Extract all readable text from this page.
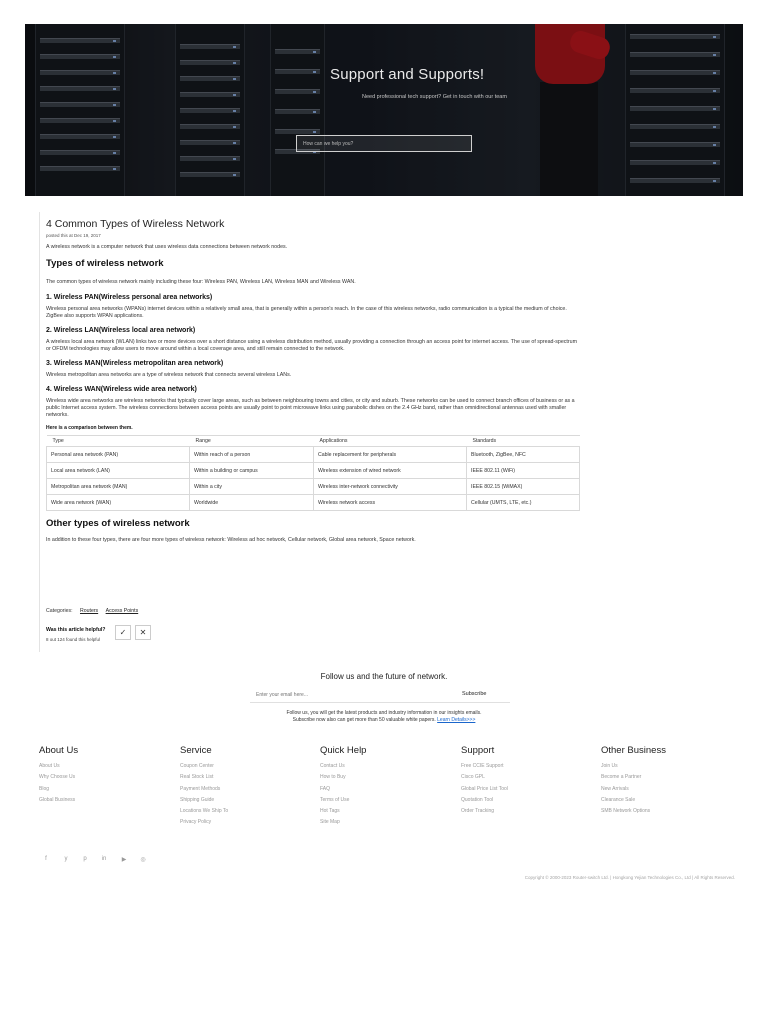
Support and Supports!
Need professional tech support? Get in touch with our team
How can we help you?
4 Common Types of Wireless Network
posted this at Dec 19, 2017
A wireless network is a computer network that uses wireless data connections between network nodes.
Types of wireless network
The common types of wireless network mainly including these four: Wireless PAN, Wireless LAN, Wireless MAN and Wireless WAN.
1. Wireless PAN(Wireless personal area networks)
Wireless personal area networks (WPANs) internet devices within a relatively small area, that is generally within a person's reach. In the case of this wireless networks, radio communication is a typical the medium of choice. ZigBee also supports WPAN applications.
2. Wireless LAN(Wireless local area network)
A wireless local area network (WLAN) links two or more devices over a short distance using a wireless distribution method, usually providing a connection through an access point for internet access. The use of spread-spectrum or OFDM technologies may allow users to move around within a local coverage area, and still remain connected to the network.
3. Wireless MAN(Wireless metropolitan area network)
Wireless metropolitan area networks are a type of wireless network that connects several wireless LANs.
4. Wireless WAN(Wireless wide area network)
Wireless wide area networks are wireless networks that typically cover large areas, such as between neighbouring towns and cities, or city and suburb. These networks can be used to connect branch offices of business or as a public Internet access system. The wireless connections between access points are usually point to point microwave links using parabolic dishes on the 2.4 GHz band, rather than omnidirectional antennas used with smaller networks.
Here is a comparison between them.
Type	Range	Applications	Standards
Personal area network (PAN)	Within reach of a person	Cable replacement for peripherals	Bluetooth, ZigBee, NFC
Local area network (LAN)	Within a building or campus	Wireless extension of wired network	IEEE 802.11 (WiFi)
Metropolitan area network (MAN)	Within a city	Wireless inter-network connectivity	IEEE 802.15 (WiMAX)
Wide area network (WAN)	Worldwide	Wireless network access	Cellular (UMTS, LTE, etc.)
Other types of wireless network
In addition to these four types, there are four more types of wireless network: Wireless ad hoc network, Cellular network, Global area network, Space network.
Categories: Routers Access Points
Was this article helpful?
8 out 124 found this helpful
✓	✕
Follow us and the future of network.
Enter your email here...
Subscribe
Follow us, you will get the latest products and industry information in our insights emails.
Subscribe now also can get more than 50 valuable white papers. Learn Details>>>
About Us
About Us
Why Choose Us
Blog
Global Business
Service
Coupon Center
Real Stock List
Payment Methods
Shipping Guide
Locations We Ship To
Privacy Policy
Quick Help
Contact Us
How to Buy
FAQ
Terms of Use
Hot Tags
Site Map
Support
Free CCIE Support
Cisco GPL
Global Price List Tool
Quotation Tool
Order Tracking
Other Business
Join Us
Become a Partner
New Arrivals
Clearance Sale
SMB Network Options
f	y	p	in	▶	◎
Copyright © 2000-2023 Router-switch Ltd. | Hongkong Yejian Technologies Co., Ltd | All Rights Reserved.
